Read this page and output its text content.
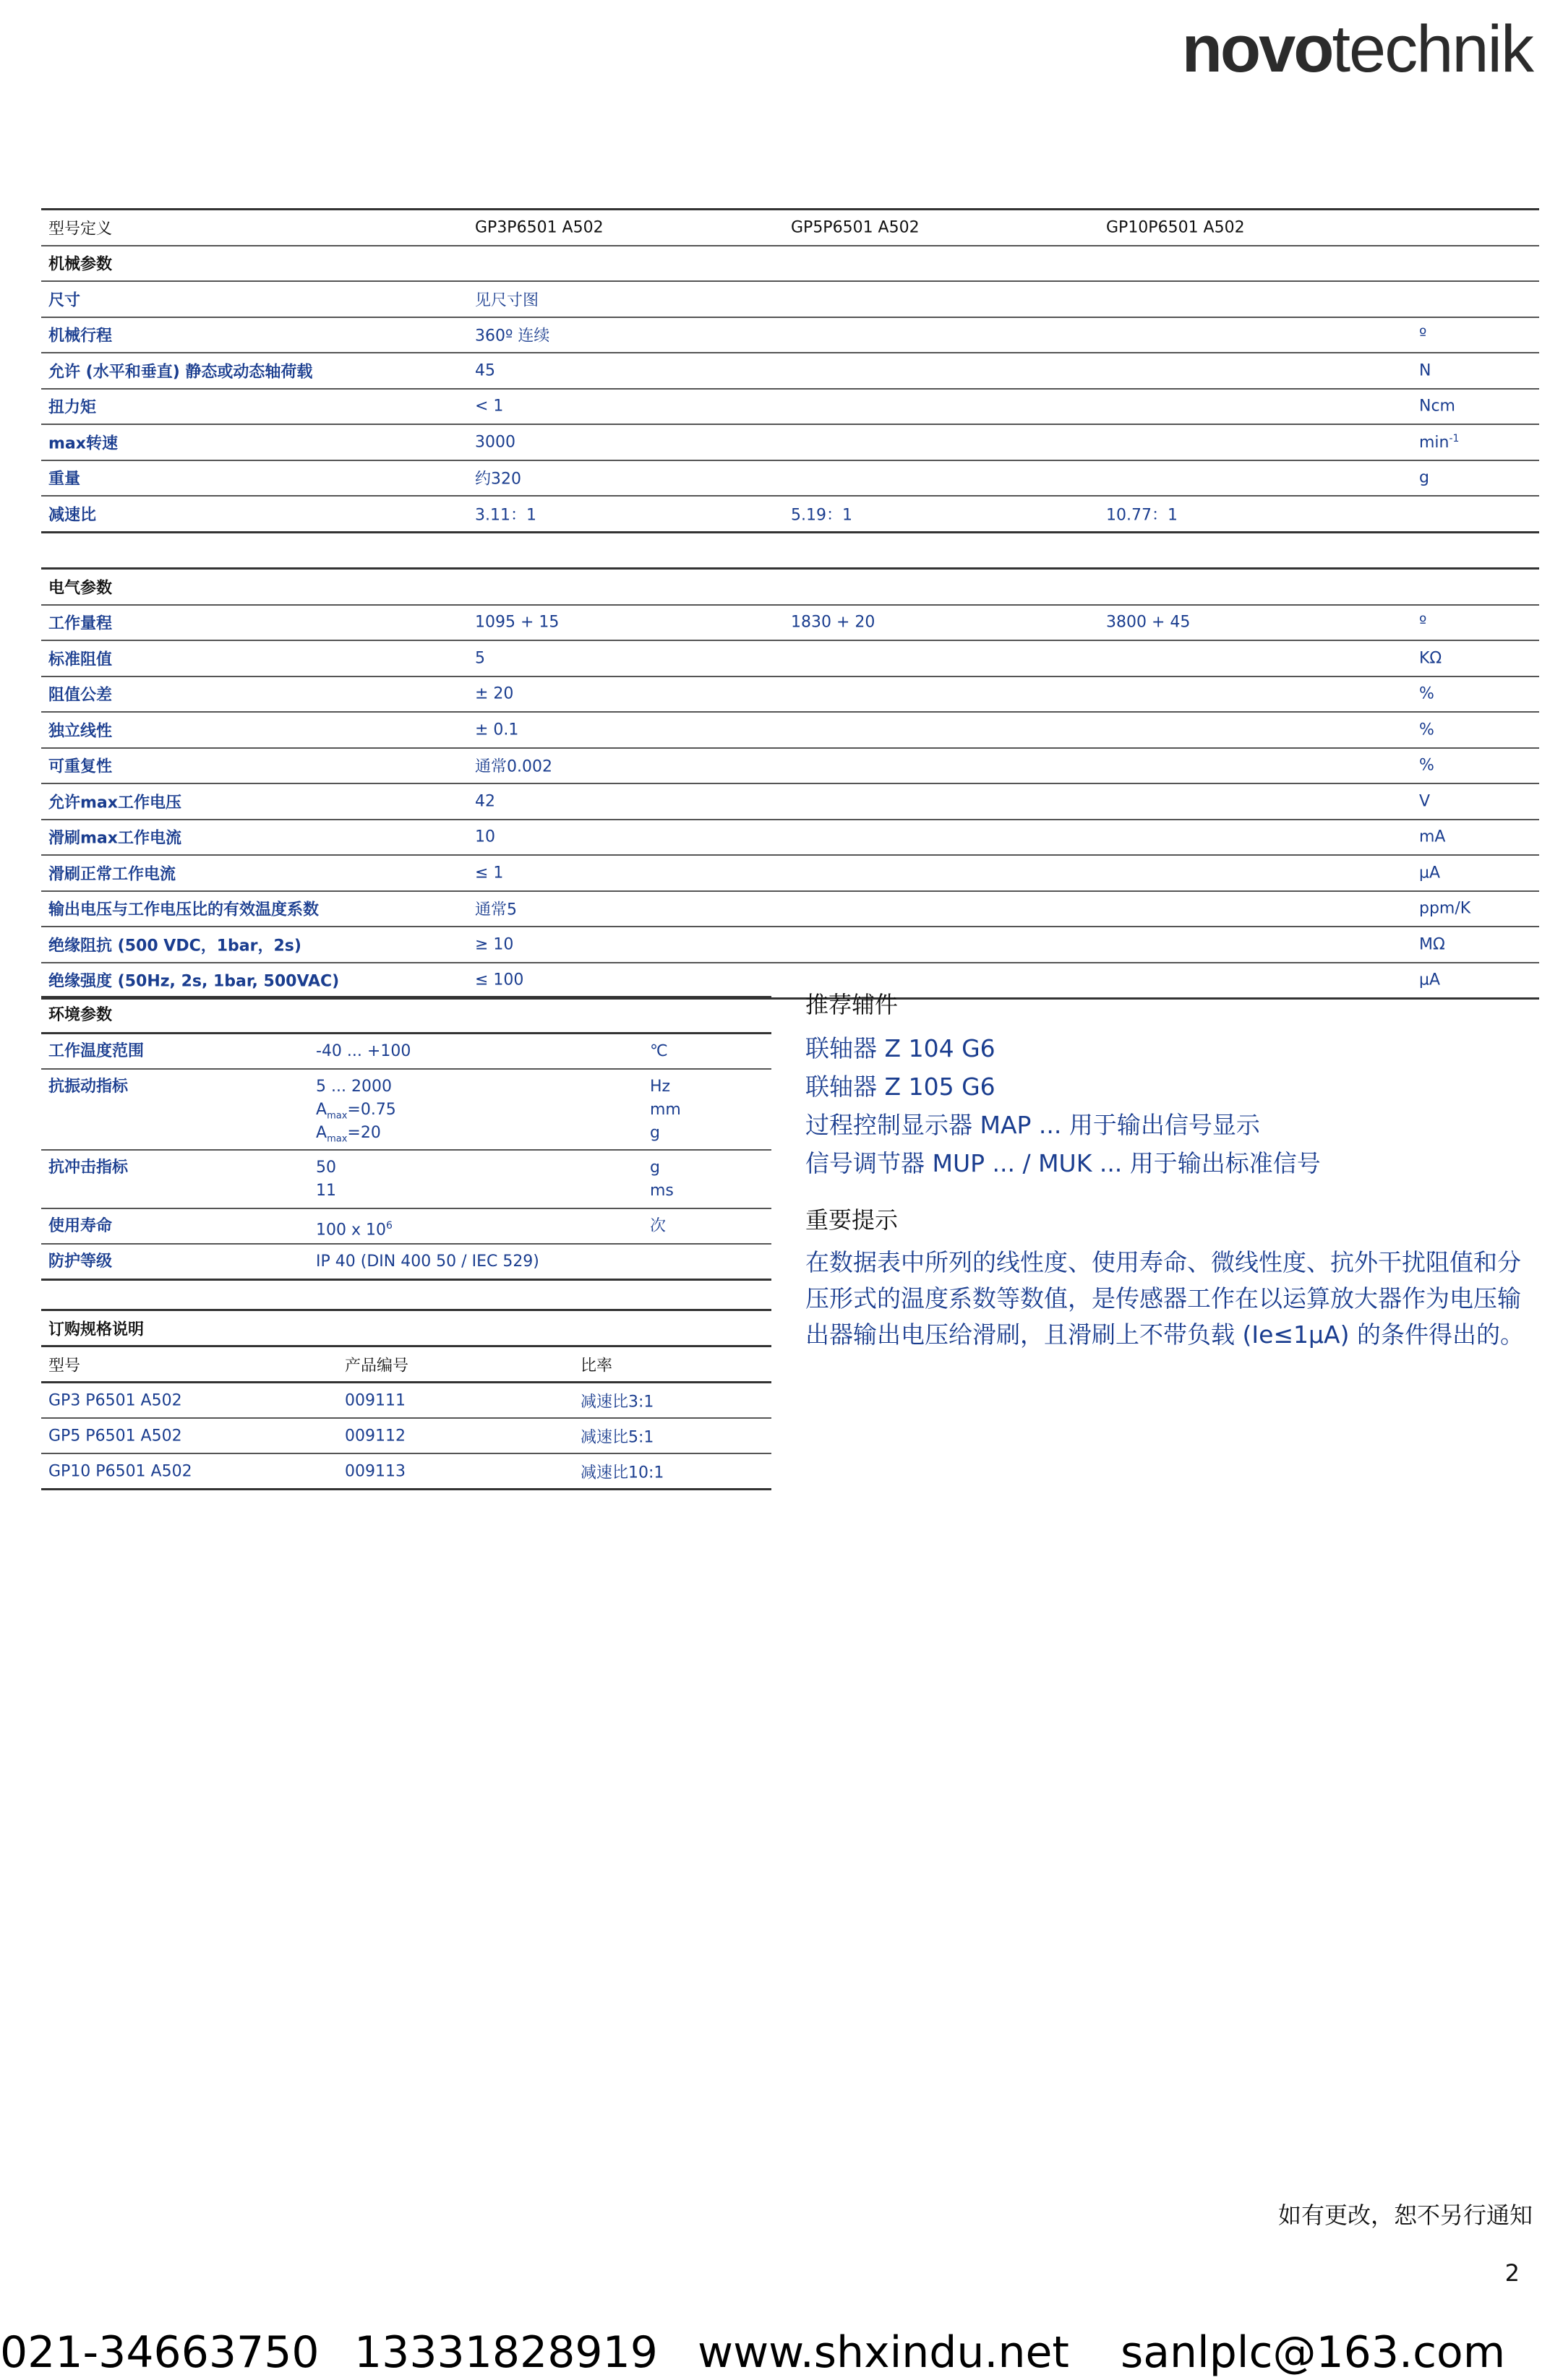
novotechnik
型号定义	GP3P6501 A502	GP5P6501 A502	GP10P6501 A502
机械参数
尺寸	见尺寸图
机械行程	360º 连续	º
允许 (水平和垂直) 静态或动态轴荷载	45	N
扭力矩	< 1	Ncm
max转速	3000	$\min^{-1}$
重量	约320	g
减速比	3.11：1	5.19：1	10.77：1
电气参数
工作量程	1095 + 15	1830 + 20	3800 + 45	º
标准阻值	5	KΩ
阻值公差	± 20	%
独立线性	± 0.1	%
可重复性	通常0.002	%
允许max工作电压	42	V
滑刷max工作电流	10	mA
滑刷正常工作电流	≤ 1	µA
输出电压与工作电压比的有效温度系数	通常5	ppm/K
绝缘阻抗 (500 VDC，1bar，2s)	≥ 10	MΩ
绝缘强度 (50Hz, 2s, 1bar, 500VAC)	≤ 100	µA
环境参数
工作温度范围	-40 ... +100	℃
抗振动指标	5 ... 2000	Hz
$A_{max}=0.75$	mm
$A_{max}=20$	g
抗冲击指标	50	g
11	ms
使用寿命	100 x $10^6$	次
防护等级	IP 40 (DIN 400 50 / IEC 529)
订购规格说明
型号	产品编号	比率
GP3 P6501 A502	009111	减速比3:1
GP5 P6501 A502	009112	减速比5:1
GP10 P6501 A502	009113	减速比10:1
推荐辅件
联轴器 Z 104 G6
联轴器 Z 105 G6
过程控制显示器 MAP ... 用于输出信号显示
信号调节器 MUP ... / MUK ... 用于输出标准信号
重要提示
在数据表中所列的线性度、使用寿命、微线性度、抗外干扰阻值和分压形式的温度系数等数值，是传感器工作在以运算放大器作为电压输出器输出电压给滑刷，且滑刷上不带负载 (Ie≤1µA) 的条件得出的。
如有更改，恕不另行通知
2
021-34663750 13331828919 www.shxindu.net sanlplc@163.com
